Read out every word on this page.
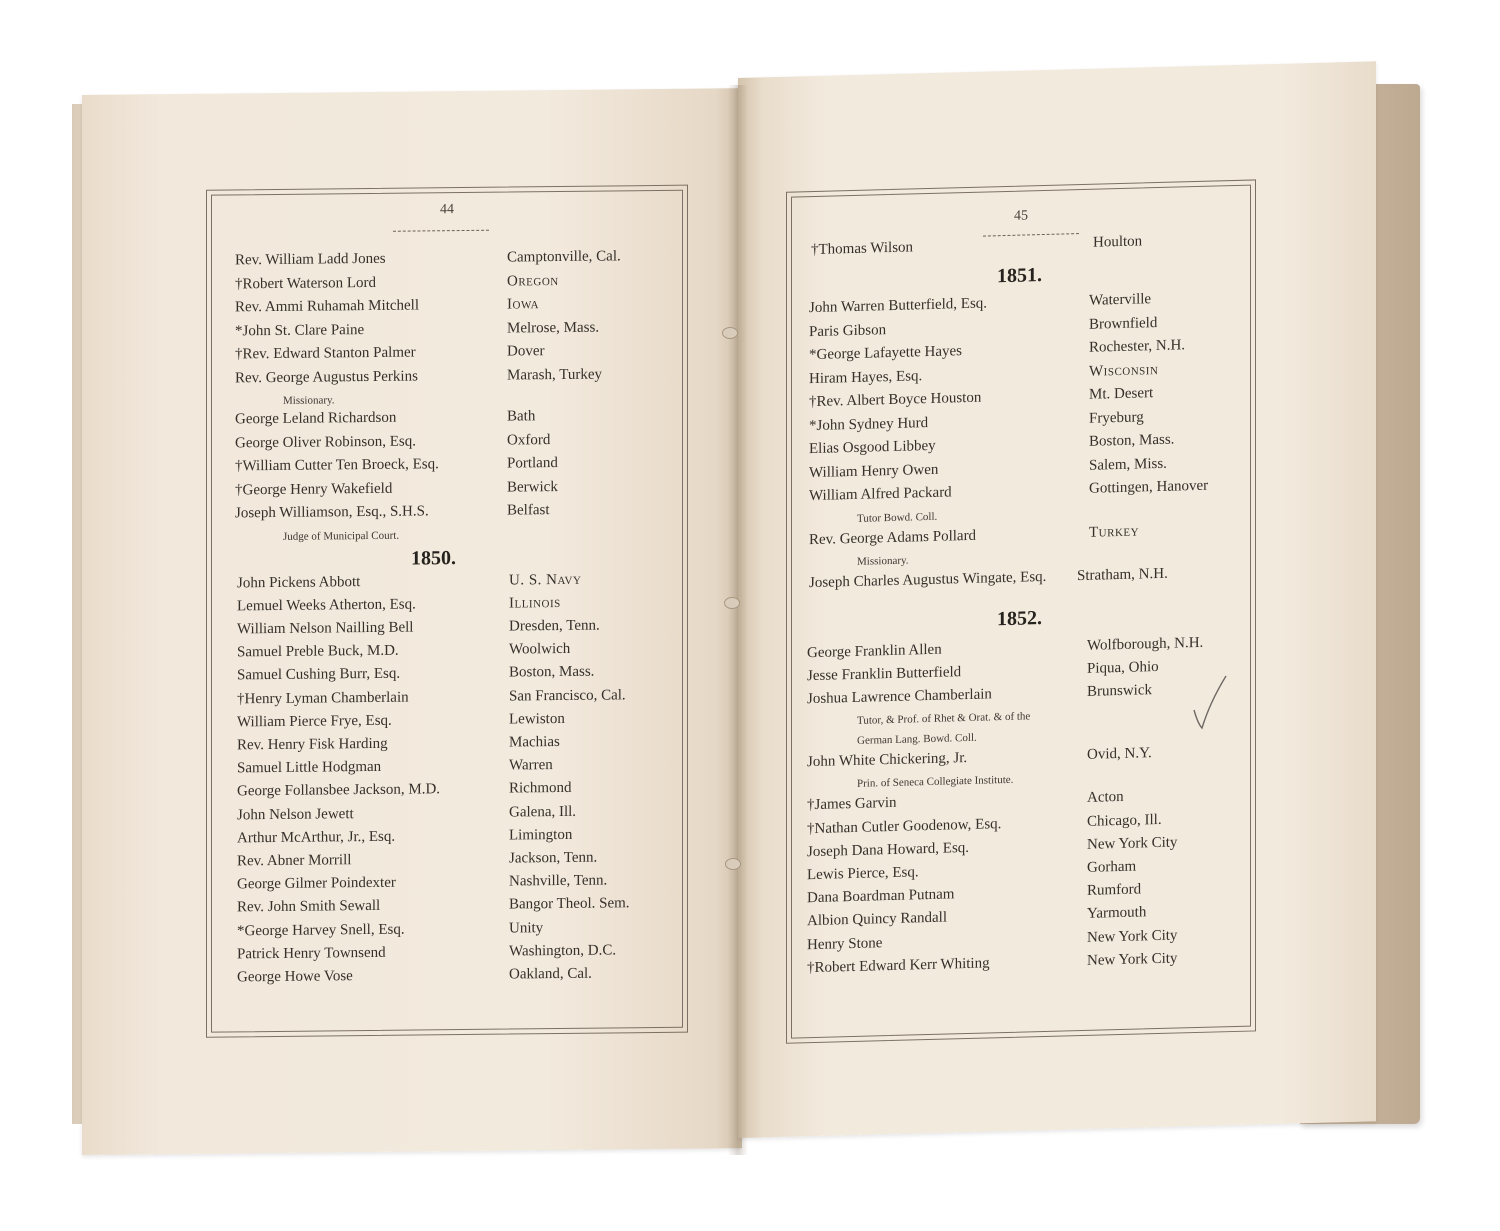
44
Rev. William Ladd Jones	Camptonville, Cal.
†Robert Waterson Lord	Oregon
Rev. Ammi Ruhamah Mitchell	Iowa
*John St. Clare Paine	Melrose, Mass.
†Rev. Edward Stanton Palmer	Dover
Rev. George Augustus Perkins	Marash, Turkey
Missionary.
George Leland Richardson	Bath
George Oliver Robinson, Esq.	Oxford
†William Cutter Ten Broeck, Esq.	Portland
†George Henry Wakefield	Berwick
Joseph Williamson, Esq., S.H.S.	Belfast
Judge of Municipal Court.
1850.
John Pickens Abbott	U. S. Navy
Lemuel Weeks Atherton, Esq.	Illinois
William Nelson Nailling Bell	Dresden, Tenn.
Samuel Preble Buck, M.D.	Woolwich
Samuel Cushing Burr, Esq.	Boston, Mass.
†Henry Lyman Chamberlain	San Francisco, Cal.
William Pierce Frye, Esq.	Lewiston
Rev. Henry Fisk Harding	Machias
Samuel Little Hodgman	Warren
George Follansbee Jackson, M.D.	Richmond
John Nelson Jewett	Galena, Ill.
Arthur McArthur, Jr., Esq.	Limington
Rev. Abner Morrill	Jackson, Tenn.
George Gilmer Poindexter	Nashville, Tenn.
Rev. John Smith Sewall	Bangor Theol. Sem.
*George Harvey Snell, Esq.	Unity
Patrick Henry Townsend	Washington, D.C.
George Howe Vose	Oakland, Cal.
45
†Thomas Wilson	Houlton
1851.
John Warren Butterfield, Esq.	Waterville
Paris Gibson	Brownfield
*George Lafayette Hayes	Rochester, N.H.
Hiram Hayes, Esq.	Wisconsin
†Rev. Albert Boyce Houston	Mt. Desert
*John Sydney Hurd	Fryeburg
Elias Osgood Libbey	Boston, Mass.
William Henry Owen	Salem, Miss.
William Alfred Packard	Gottingen, Hanover
Tutor Bowd. Coll.
Rev. George Adams Pollard	Turkey
Missionary.
Joseph Charles Augustus Wingate, Esq. Stratham, N.H.
1852.
George Franklin Allen	Wolfborough, N.H.
Jesse Franklin Butterfield	Piqua, Ohio
Joshua Lawrence Chamberlain	Brunswick
Tutor, & Prof. of Rhet & Orat. & of the
German Lang. Bowd. Coll.
John White Chickering, Jr.	Ovid, N.Y.
Prin. of Seneca Collegiate Institute.
†James Garvin	Acton
†Nathan Cutler Goodenow, Esq.	Chicago, Ill.
Joseph Dana Howard, Esq.	New York City
Lewis Pierce, Esq.	Gorham
Dana Boardman Putnam	Rumford
Albion Quincy Randall	Yarmouth
Henry Stone	New York City
†Robert Edward Kerr Whiting	New York City
